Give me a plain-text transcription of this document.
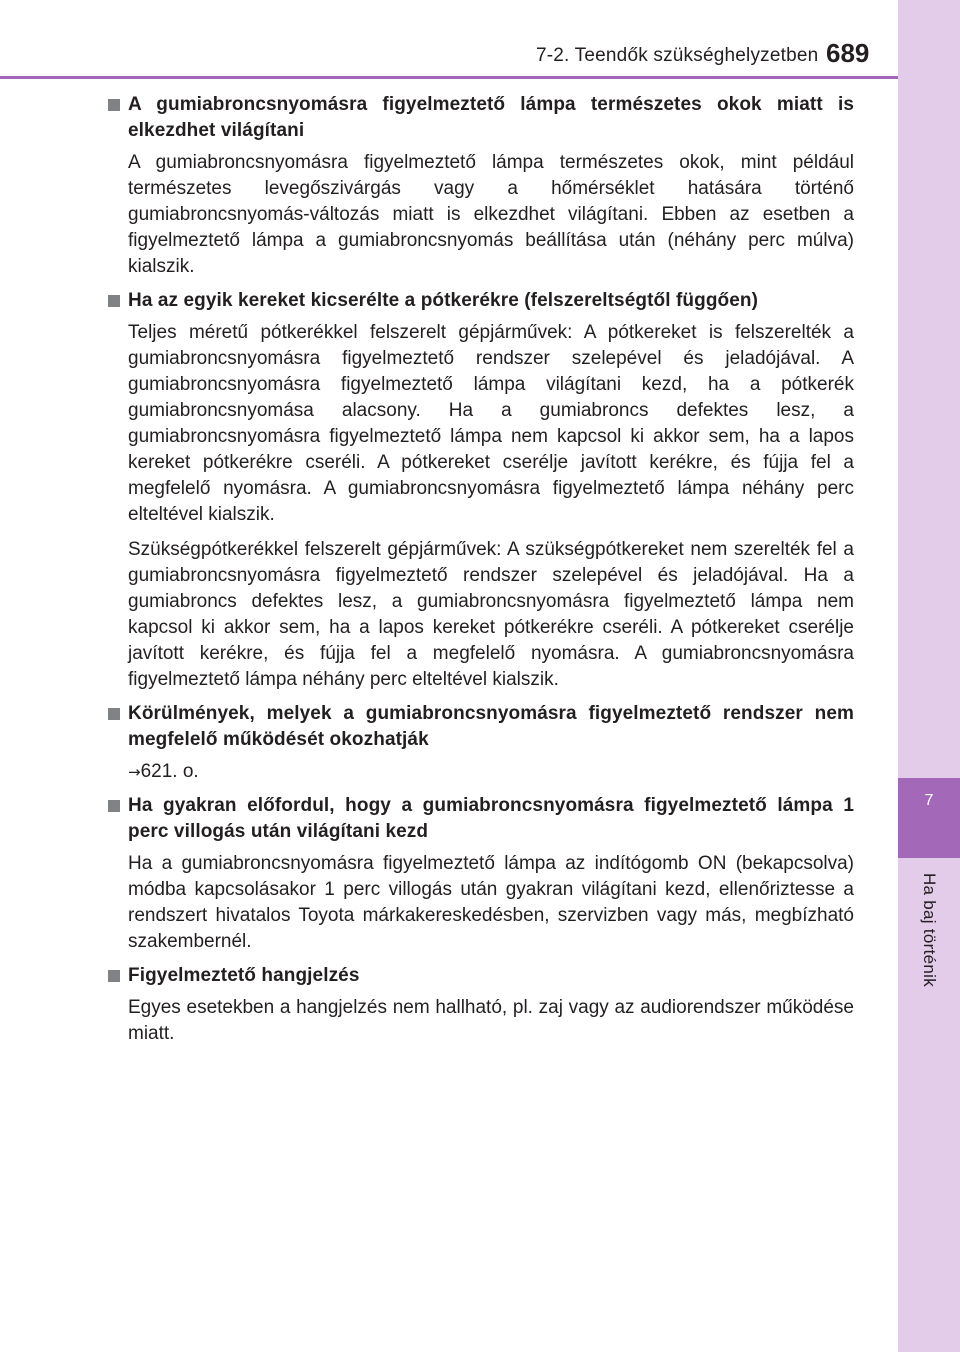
7
Ha baj történik
7-2. Teendők szükséghelyzetben 689
A gumiabroncsnyomásra figyelmeztető lámpa természetes okok miatt is elkezdhet világítani

A gumiabroncsnyomásra figyelmeztető lámpa természetes okok, mint például természetes levegőszivárgás vagy a hőmérséklet hatására történő gumiabroncsnyomás-változás miatt is elkezdhet világítani. Ebben az esetben a figyelmeztető lámpa a gumiabroncsnyomás beállítása után (néhány perc múlva) kialszik.

Ha az egyik kereket kicserélte a pótkerékre (felszereltségtől függően)

Teljes méretű pótkerékkel felszerelt gépjárművek: A pótkereket is felszerelték a gumiabroncsnyomásra figyelmeztető rendszer szelepével és jeladójával. A gumiabroncsnyomásra figyelmeztető lámpa világítani kezd, ha a pótkerék gumiabroncsnyomása alacsony. Ha a gumiabroncs defektes lesz, a gumiabroncsnyomásra figyelmeztető lámpa nem kapcsol ki akkor sem, ha a lapos kereket pótkerékre cseréli. A pótkereket cserélje javított kerékre, és fújja fel a megfelelő nyomásra. A gumiabroncsnyomásra figyelmeztető lámpa néhány perc elteltével kialszik.

Szükségpótkerékkel felszerelt gépjárművek: A szükségpótkereket nem szerelték fel a gumiabroncsnyomásra figyelmeztető rendszer szelepével és jeladójával. Ha a gumiabroncs defektes lesz, a gumiabroncsnyomásra figyelmeztető lámpa nem kapcsol ki akkor sem, ha a lapos kereket pótkerékre cseréli. A pótkereket cserélje javított kerékre, és fújja fel a megfelelő nyomásra. A gumiabroncsnyomásra figyelmeztető lámpa néhány perc elteltével kialszik.

Körülmények, melyek a gumiabroncsnyomásra figyelmeztető rendszer nem megfelelő működését okozhatják

→621. o.

Ha gyakran előfordul, hogy a gumiabroncsnyomásra figyelmeztető lámpa 1 perc villogás után világítani kezd

Ha a gumiabroncsnyomásra figyelmeztető lámpa az indítógomb ON (bekapcsolva) módba kapcsolásakor 1 perc villogás után gyakran világítani kezd, ellenőriztesse a rendszert hivatalos Toyota márkakereskedésben, szervizben vagy más, megbízható szakembernél.

Figyelmeztető hangjelzés

Egyes esetekben a hangjelzés nem hallható, pl. zaj vagy az audiorendszer működése miatt.
